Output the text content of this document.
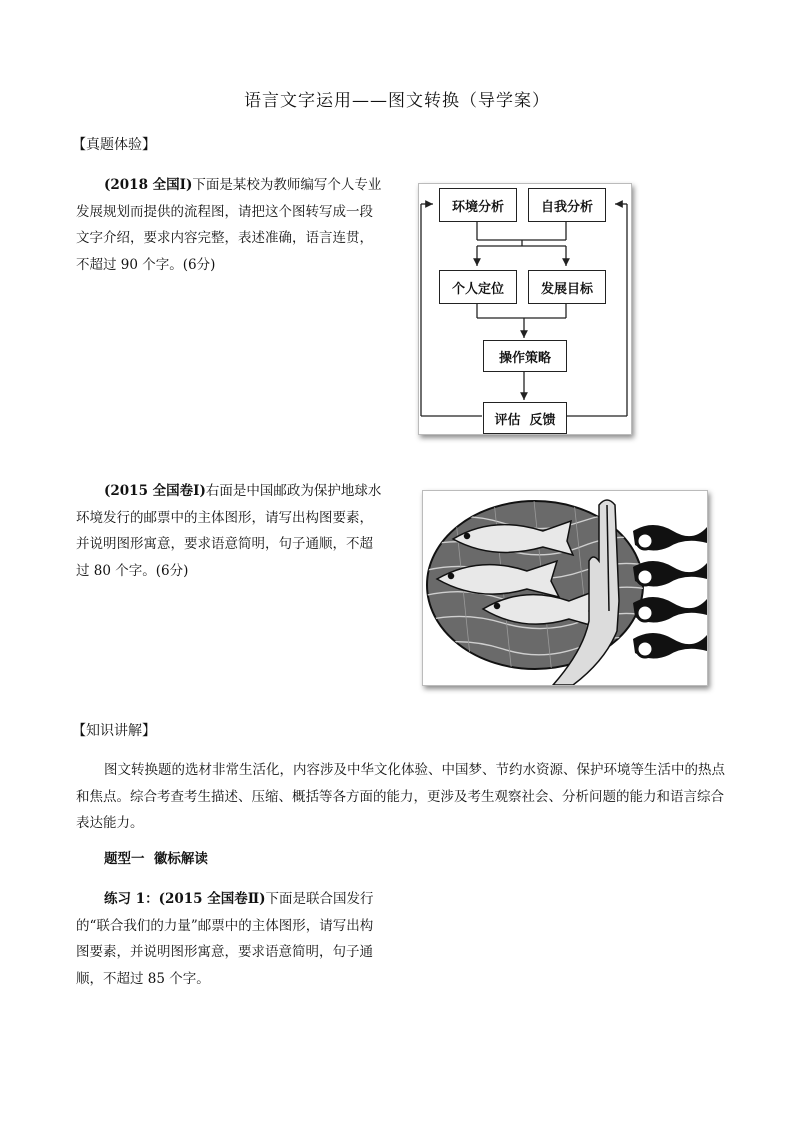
语言文字运用——图文转换（导学案）
【真题体验】
(2018 全国Ⅰ)下面是某校为教师编写个人专业发展规划而提供的流程图，请把这个图转写成一段文字介绍，要求内容完整，表述准确，语言连贯，不超过 90 个字。(6分)
环境分析	自我分析
个人定位	发展目标
操作策略
评估  反馈
(2015 全国卷Ⅰ)右面是中国邮政为保护地球水环境发行的邮票中的主体图形，请写出构图要素，并说明图形寓意，要求语意简明，句子通顺，不超过 80 个字。(6分)
【知识讲解】
图文转换题的选材非常生活化，内容涉及中华文化体验、中国梦、节约水资源、保护环境等生活中的热点和焦点。综合考查考生描述、压缩、概括等各方面的能力，更涉及考生观察社会、分析问题的能力和语言综合表达能力。
题型一  徽标解读
练习 1：(2015 全国卷Ⅱ)下面是联合国发行的“联合我们的力量”邮票中的主体图形，请写出构图要素，并说明图形寓意，要求语意简明，句子通顺，不超过 85 个字。
